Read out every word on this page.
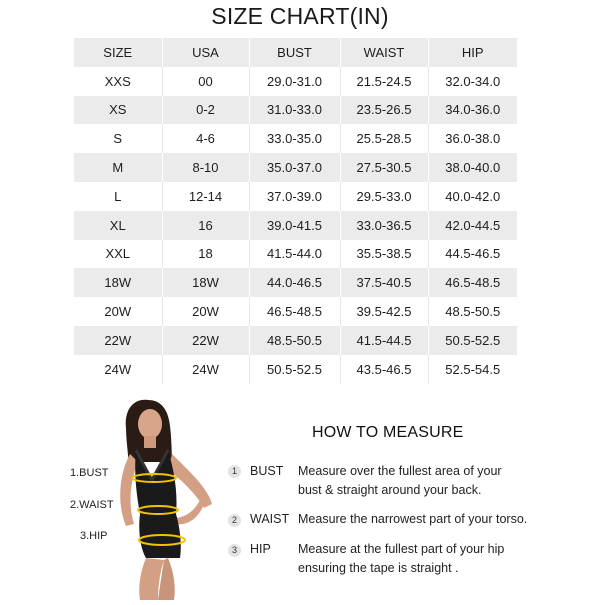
SIZE CHART(IN)
SIZE	USA	BUST	WAIST	HIP
XXS	00	29.0-31.0	21.5-24.5	32.0-34.0
XS	0-2	31.0-33.0	23.5-26.5	34.0-36.0
S	4-6	33.0-35.0	25.5-28.5	36.0-38.0
M	8-10	35.0-37.0	27.5-30.5	38.0-40.0
L	12-14	37.0-39.0	29.5-33.0	40.0-42.0
XL	16	39.0-41.5	33.0-36.5	42.0-44.5
XXL	18	41.5-44.0	35.5-38.5	44.5-46.5
18W	18W	44.0-46.5	37.5-40.5	46.5-48.5
20W	20W	46.5-48.5	39.5-42.5	48.5-50.5
22W	22W	48.5-50.5	41.5-44.5	50.5-52.5
24W	24W	50.5-52.5	43.5-46.5	52.5-54.5
1.BUST
2.WAIST
3.HIP
HOW TO MEASURE
1	BUST Measure over the fullest area of your
bust & straight around your back.
2	WAIST Measure the narrowest part of your torso.
3	HIP Measure at the fullest part of your hip
ensuring the tape is straight .
